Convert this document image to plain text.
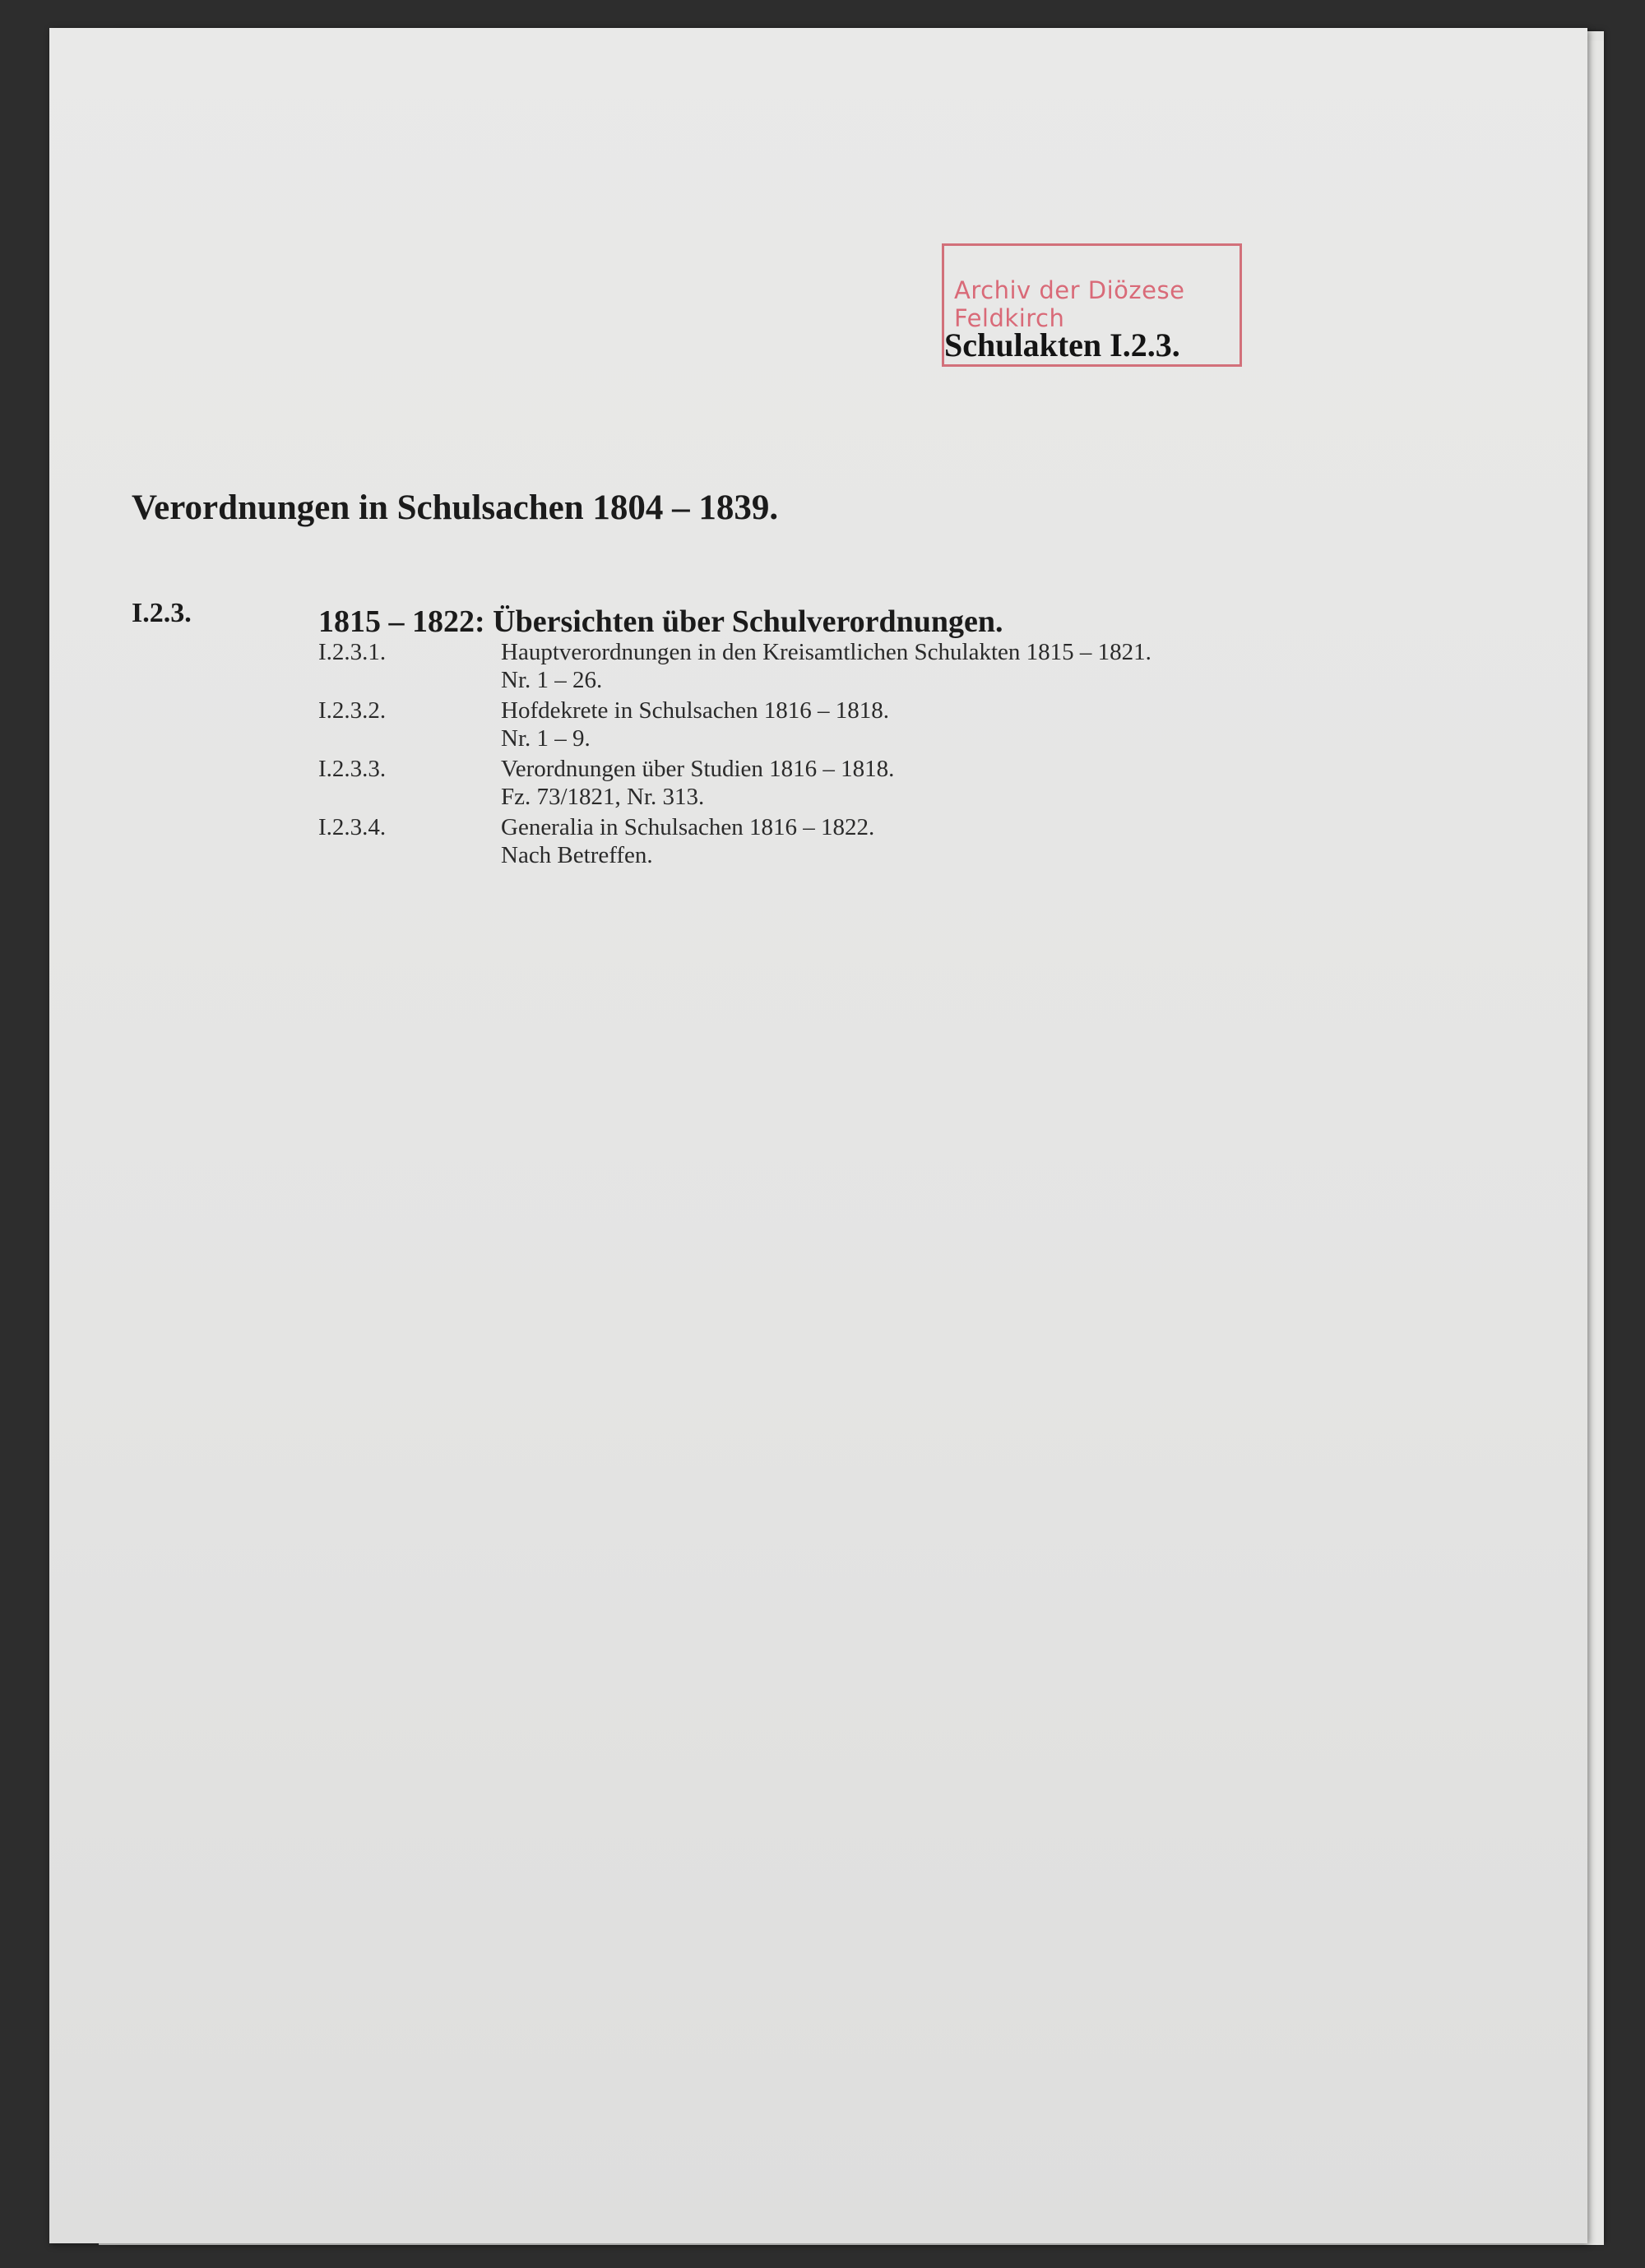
Archiv der Diözese
Feldkirch
Schulakten I.2.3.
Verordnungen in Schulsachen 1804 – 1839.
I.2.3.	1815 – 1822: Übersichten über Schulverordnungen.
I.2.3.1.	Hauptverordnungen in den Kreisamtlichen Schulakten 1815 – 1821.
Nr. 1 – 26.
I.2.3.2.	Hofdekrete in Schulsachen 1816 – 1818.
Nr. 1 – 9.
I.2.3.3.	Verordnungen über Studien 1816 – 1818.
Fz. 73/1821, Nr. 313.
I.2.3.4.	Generalia in Schulsachen 1816 – 1822.
Nach Betreffen.
